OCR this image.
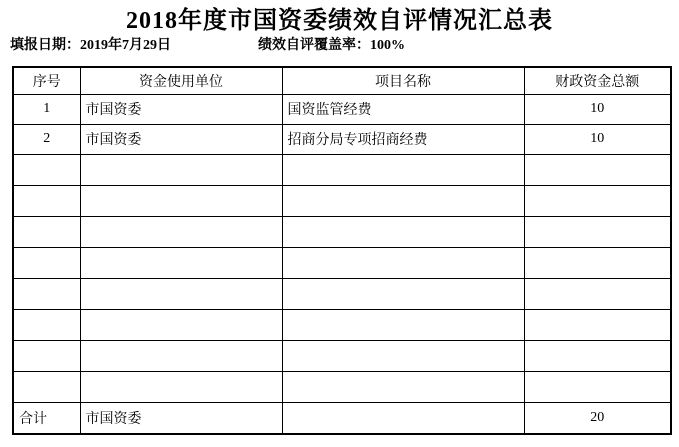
2018年度市国资委绩效自评情况汇总表
填报日期：2019年7月29日	绩效自评覆盖率：100%
序号	资金使用单位	项目名称	财政资金总额
1	市国资委	国资监管经费	10
2	市国资委	招商分局专项招商经费	10

合计	市国资委		20
